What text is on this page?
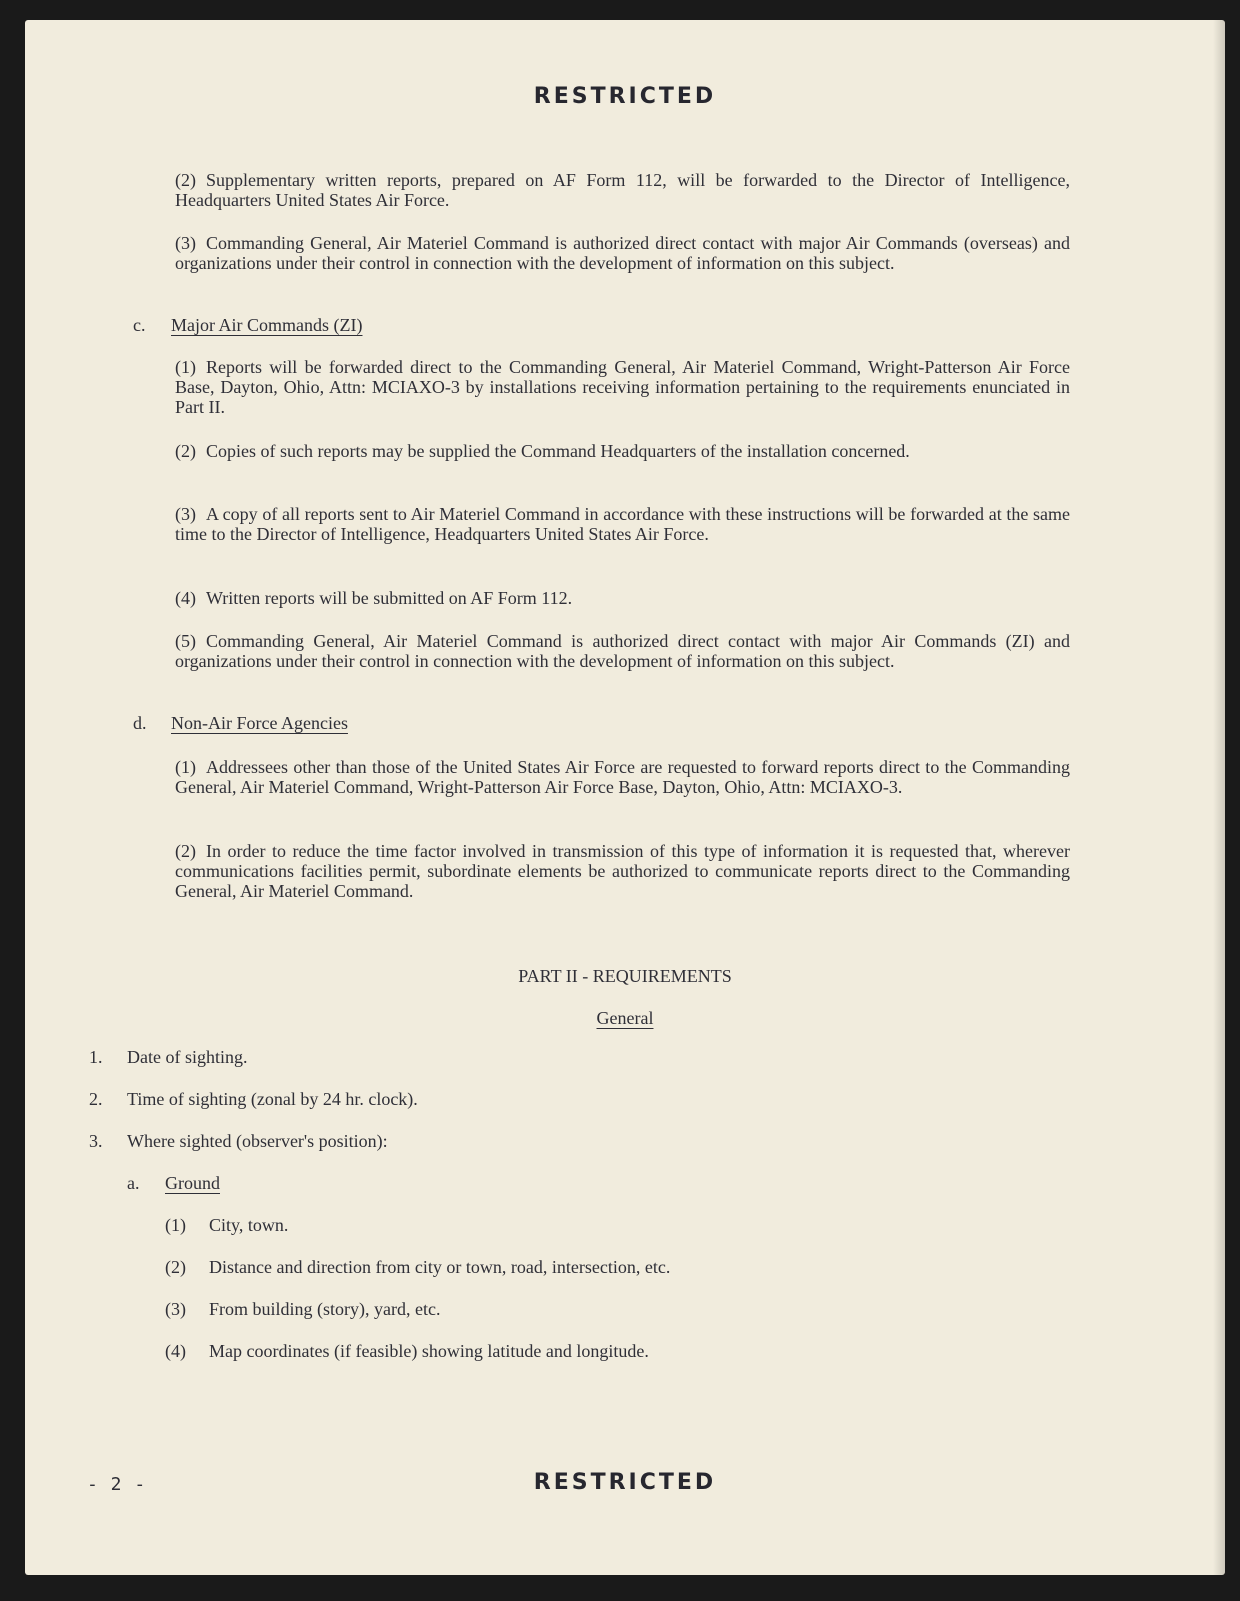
RESTRICTED
(2) Supplementary written reports, prepared on AF Form 112, will be forwarded to the Director of Intelligence, Headquarters United States Air Force.
(3) Commanding General, Air Materiel Command is authorized direct contact with major Air Commands (overseas) and organizations under their control in connection with the development of information on this subject.
c. Major Air Commands (ZI)
(1) Reports will be forwarded direct to the Commanding General, Air Materiel Command, Wright-Patterson Air Force Base, Dayton, Ohio, Attn: MCIAXO-3 by installations receiving information pertaining to the requirements enunciated in Part II.
(2) Copies of such reports may be supplied the Command Headquarters of the installation concerned.
(3) A copy of all reports sent to Air Materiel Command in accordance with these instructions will be forwarded at the same time to the Director of Intelligence, Headquarters United States Air Force.
(4) Written reports will be submitted on AF Form 112.
(5) Commanding General, Air Materiel Command is authorized direct contact with major Air Commands (ZI) and organizations under their control in connection with the development of information on this subject.
d. Non-Air Force Agencies
(1) Addressees other than those of the United States Air Force are requested to forward reports direct to the Commanding General, Air Materiel Command, Wright-Patterson Air Force Base, Dayton, Ohio, Attn: MCIAXO-3.
(2) In order to reduce the time factor involved in transmission of this type of information it is requested that, wherever communications facilities permit, subordinate elements be authorized to communicate reports direct to the Commanding General, Air Materiel Command.
PART II - REQUIREMENTS
General
1. Date of sighting.
2. Time of sighting (zonal by 24 hr. clock).
3. Where sighted (observer's position):
a. Ground
(1) City, town.
(2) Distance and direction from city or town, road, intersection, etc.
(3) From building (story), yard, etc.
(4) Map coordinates (if feasible) showing latitude and longitude.
- 2 -	RESTRICTED
